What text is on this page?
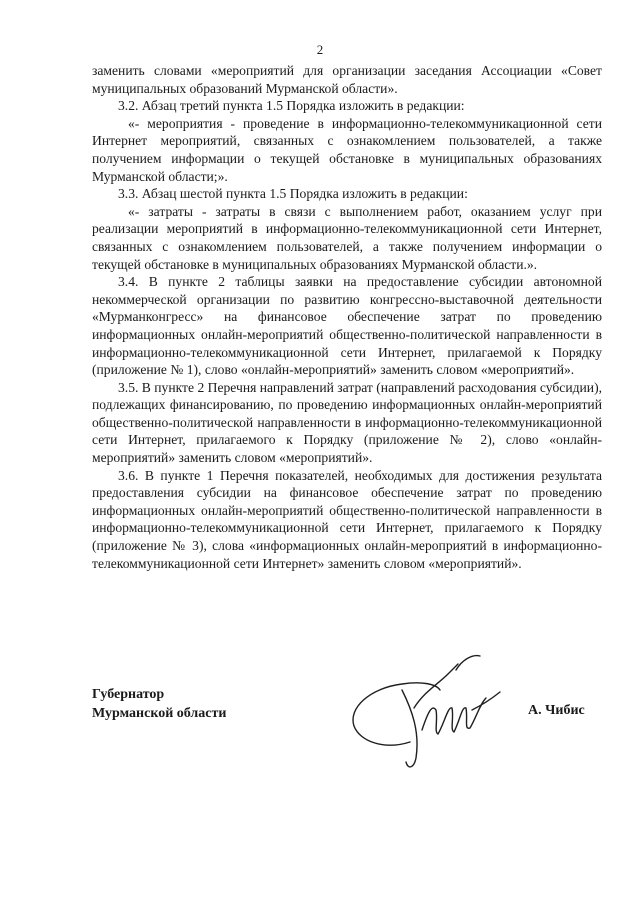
2

заменить словами «мероприятий для организации заседания Ассоциации «Совет муниципальных образований Мурманской области».

3.2. Абзац третий пункта 1.5 Порядка изложить в редакции:

«- мероприятия - проведение в информационно-телекоммуникационной сети Интернет мероприятий, связанных с ознакомлением пользователей, а также получением информации о текущей обстановке в муниципальных образованиях Мурманской области;».

3.3. Абзац шестой пункта 1.5 Порядка изложить в редакции:

«- затраты - затраты в связи с выполнением работ, оказанием услуг при реализации мероприятий в информационно-телекоммуникационной сети Интернет, связанных с ознакомлением пользователей, а также получением информации о текущей обстановке в муниципальных образованиях Мурманской области.».

3.4. В пункте 2 таблицы заявки на предоставление субсидии автономной некоммерческой организации по развитию конгрессно-выставочной деятельности «Мурманконгресс» на финансовое обеспечение затрат по проведению информационных онлайн-мероприятий общественно-политической направленности в информационно-телекоммуникационной сети Интернет, прилагаемой к Порядку (приложение № 1), слово «онлайн-мероприятий» заменить словом «мероприятий».

3.5. В пункте 2 Перечня направлений затрат (направлений расходования субсидии), подлежащих финансированию, по проведению информационных онлайн-мероприятий общественно-политической направленности в информационно-телекоммуникационной сети Интернет, прилагаемого к Порядку (приложение № 2), слово «онлайн-мероприятий» заменить словом «мероприятий».

3.6. В пункте 1 Перечня показателей, необходимых для достижения результата предоставления субсидии на финансовое обеспечение затрат по проведению информационных онлайн-мероприятий общественно-политической направленности в информационно-телекоммуникационной сети Интернет, прилагаемого к Порядку (приложение № 3), слова «информационных онлайн-мероприятий в информационно-телекоммуникационной сети Интернет» заменить словом «мероприятий».

Губернатор
Мурманской области	А. Чибис
